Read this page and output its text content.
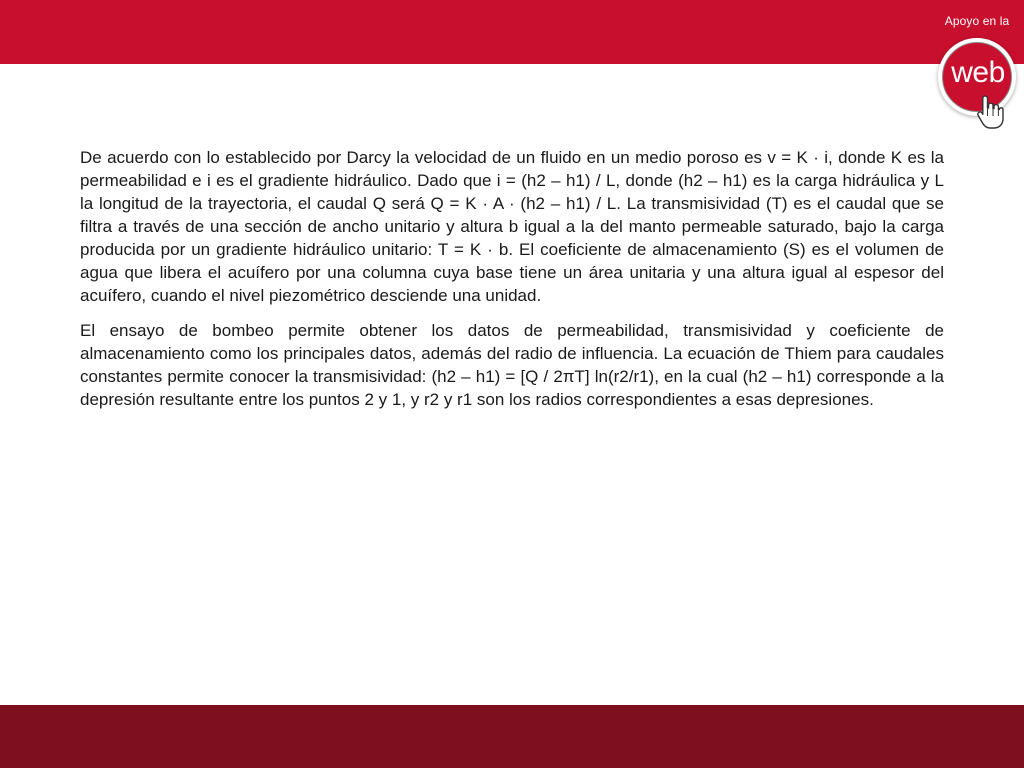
Apoyo en la
web

De acuerdo con lo establecido por Darcy la velocidad de un fluido en un medio poroso es v = K · i, donde K es la permeabilidad e i es el gradiente hidráulico. Dado que i = (h2 – h1) / L, donde (h2 – h1) es la carga hidráulica y L la longitud de la trayectoria, el caudal Q será Q = K · A · (h2 – h1) / L. La transmisividad (T) es el caudal que se filtra a través de una sección de ancho unitario y altura b igual a la del manto permeable saturado, bajo la carga producida por un gradiente hidráulico unitario: T = K · b. El coeficiente de almacenamiento (S) es el volumen de agua que libera el acuífero por una columna cuya base tiene un área unitaria y una altura igual al espesor del acuífero, cuando el nivel piezométrico desciende una unidad.

El ensayo de bombeo permite obtener los datos de permeabilidad, transmisividad y coeficiente de almacenamiento como los principales datos, además del radio de influencia. La ecuación de Thiem para caudales constantes permite conocer la transmisividad: (h2 – h1) = [Q / 2πT] ln(r2/r1), en la cual (h2 – h1) corresponde a la depresión resultante entre los puntos 2 y 1, y r2 y r1 son los radios correspondientes a esas depresiones.
